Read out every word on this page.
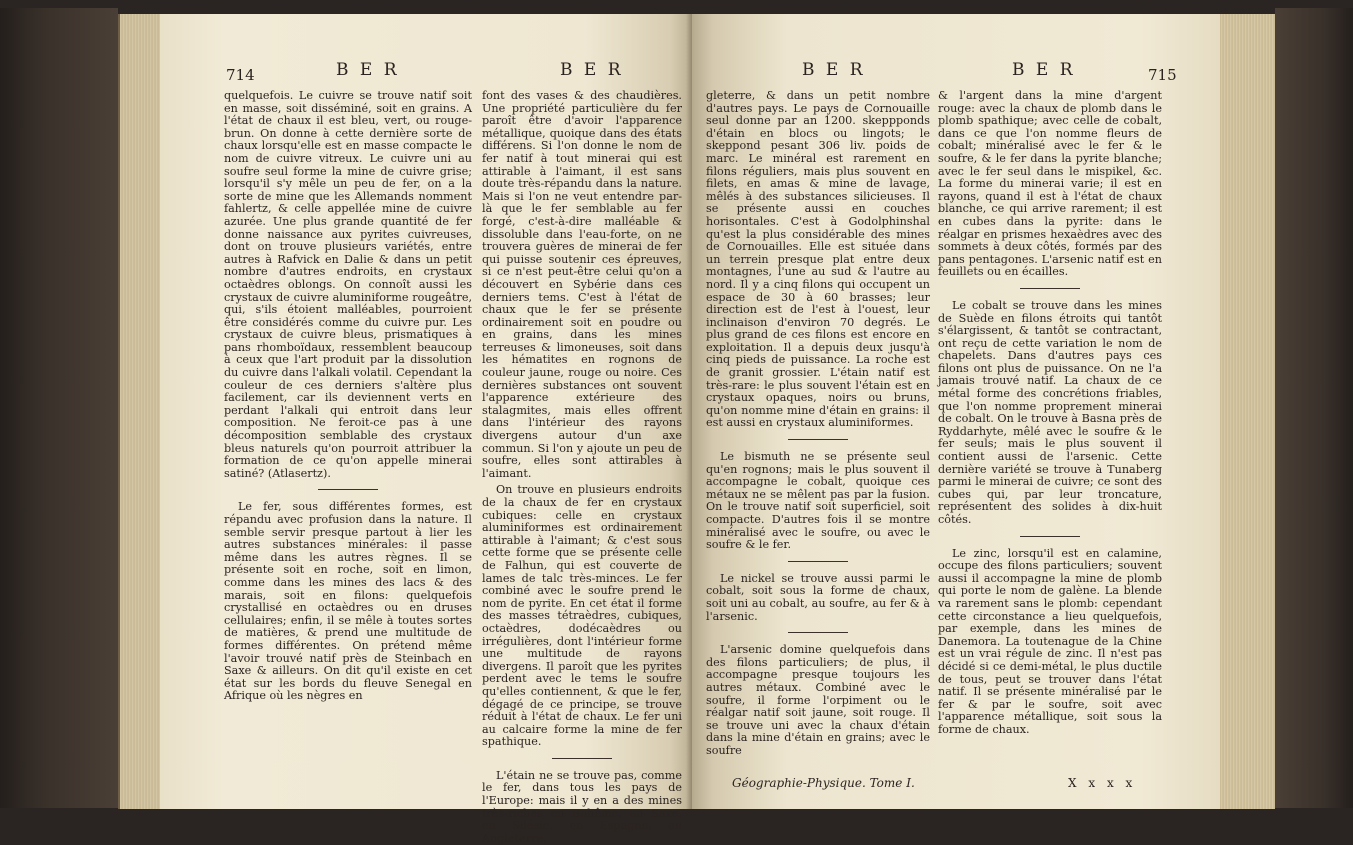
714	B E R	B E R

quelquefois. Le cuivre se trouve natif soit en masse, soit disséminé, soit en grains. A l'état de chaux il est bleu, vert, ou rouge-brun. On donne à cette dernière sorte de chaux lorsqu'elle est en masse compacte le nom de cuivre vitreux. Le cuivre uni au soufre seul forme la mine de cuivre grise; lorsqu'il s'y mêle un peu de fer, on a la sorte de mine que les Allemands nomment fahlertz, & celle appellée mine de cuivre azurée. Une plus grande quantité de fer donne naissance aux pyrites cuivreuses, dont on trouve plusieurs variétés, entre autres à Rafvick en Dalie & dans un petit nombre d'autres endroits, en crystaux octaèdres oblongs. On connoît aussi les crystaux de cuivre aluminiforme rougeâtre, qui, s'ils étoient malléables, pourroient être considérés comme du cuivre pur. Les crystaux de cuivre bleus, prismatiques à pans rhomboïdaux, ressemblent beaucoup à ceux que l'art produit par la dissolution du cuivre dans l'alkali volatil. Cependant la couleur de ces derniers s'altère plus facilement, car ils deviennent verts en perdant l'alkali qui entroit dans leur composition. Ne feroit-ce pas à une décomposition semblable des crystaux bleus naturels qu'on pourroit attribuer la formation de ce qu'on appelle minerai satiné? (Atlasertz).

Le fer, sous différentes formes, est répandu avec profusion dans la nature. Il semble servir presque partout à lier les autres substances minérales: il passe même dans les autres règnes. Il se présente soit en roche, soit en limon, comme dans les mines des lacs & des marais, soit en filons: quelquefois crystallisé en octaèdres ou en druses cellulaires; enfin, il se mêle à toutes sortes de matières, & prend une multitude de formes différentes. On prétend même l'avoir trouvé natif près de Steinbach en Saxe & ailleurs. On dit qu'il existe en cet état sur les bords du fleuve Senegal en Afrique où les nègres en

font des vases & des chaudières. Une propriété particulière du fer paroît être d'avoir l'apparence métallique, quoique dans des états différens. Si l'on donne le nom de fer natif à tout minerai qui est attirable à l'aimant, il est sans doute très-répandu dans la nature. Mais si l'on ne veut entendre par-là que le fer semblable au fer forgé, c'est-à-dire malléable & dissoluble dans l'eau-forte, on ne trouvera guères de minerai de fer qui puisse soutenir ces épreuves, si ce n'est peut-être celui qu'on a découvert en Sybérie dans ces derniers tems. C'est à l'état de chaux que le fer se présente ordinairement soit en poudre ou en grains, dans les mines terreuses & limoneuses, soit dans les hématites en rognons de couleur jaune, rouge ou noire. Ces dernières substances ont souvent l'apparence extérieure des stalagmites, mais elles offrent dans l'intérieur des rayons divergens autour d'un axe commun. Si l'on y ajoute un peu de soufre, elles sont attirables à l'aimant.

On trouve en plusieurs endroits de la chaux de fer en crystaux cubiques: celle en crystaux aluminiformes est ordinairement attirable à l'aimant; & c'est sous cette forme que se présente celle de Falhun, qui est couverte de lames de talc très-minces. Le fer combiné avec le soufre prend le nom de pyrite. En cet état il forme des masses tétraèdres, cubiques, octaèdres, dodécaèdres ou irrégulières, dont l'intérieur forme une multitude de rayons divergens. Il paroît que les pyrites perdent avec le tems le soufre qu'elles contiennent, & que le fer, dégagé de ce principe, se trouve réduit à l'état de chaux. Le fer uni au calcaire forme la mine de fer spathique.

L'étain ne se trouve pas, comme le fer, dans tous les pays de l'Europe: mais il y en a des mines très-riches en Bohême, en Saxe, en Silésie, en Espagne, en Angleterre,

B E R	B E R	715

gleterre, & dans un petit nombre d'autres pays. Le pays de Cornouaille seul donne par an 1200. skeppponds d'étain en blocs ou lingots; le skeppond pesant 306 liv. poids de marc. Le minéral est rarement en filons réguliers, mais plus souvent en filets, en amas & mine de lavage, mêlés à des substances silicieuses. Il se présente aussi en couches horisontales. C'est à Godolphinshal qu'est la plus considérable des mines de Cornouailles. Elle est située dans un terrein presque plat entre deux montagnes, l'une au sud & l'autre au nord. Il y a cinq filons qui occupent un espace de 30 à 60 brasses; leur direction est de l'est à l'ouest, leur inclinaison d'environ 70 degrés. Le plus grand de ces filons est encore en exploitation. Il a depuis deux jusqu'à cinq pieds de puissance. La roche est de granit grossier. L'étain natif est très-rare: le plus souvent l'étain est en crystaux opaques, noirs ou bruns, qu'on nomme mine d'étain en grains: il est aussi en crystaux aluminiformes.

Le bismuth ne se présente seul qu'en rognons; mais le plus souvent il accompagne le cobalt, quoique ces métaux ne se mêlent pas par la fusion. On le trouve natif soit superficiel, soit compacte. D'autres fois il se montre minéralisé avec le soufre, ou avec le soufre & le fer.

Le nickel se trouve aussi parmi le cobalt, soit sous la forme de chaux, soit uni au cobalt, au soufre, au fer & à l'arsenic.

L'arsenic domine quelquefois dans des filons particuliers; de plus, il accompagne presque toujours les autres métaux. Combiné avec le soufre, il forme l'orpiment ou le réalgar natif soit jaune, soit rouge. Il se trouve uni avec la chaux d'étain dans la mine d'étain en grains; avec le soufre

Géographie-Physique. Tome I.

& l'argent dans la mine d'argent rouge: avec la chaux de plomb dans le plomb spathique; avec celle de cobalt, dans ce que l'on nomme fleurs de cobalt; minéralisé avec le fer & le soufre, & le fer dans la pyrite blanche; avec le fer seul dans le mispikel, &c. La forme du minerai varie; il est en rayons, quand il est à l'état de chaux blanche, ce qui arrive rarement; il est en cubes dans la pyrite: dans le réalgar en prismes hexaèdres avec des sommets à deux côtés, formés par des pans pentagones. L'arsenic natif est en feuillets ou en écailles.

Le cobalt se trouve dans les mines de Suède en filons étroits qui tantôt s'élargissent, & tantôt se contractant, ont reçu de cette variation le nom de chapelets. Dans d'autres pays ces filons ont plus de puissance. On ne l'a jamais trouvé natif. La chaux de ce métal forme des concrétions friables, que l'on nomme proprement minerai de cobalt. On le trouve à Basna près de Ryddarhyte, mêlé avec le soufre & le fer seuls; mais le plus souvent il contient aussi de l'arsenic. Cette dernière variété se trouve à Tunaberg parmi le minerai de cuivre; ce sont des cubes qui, par leur troncature, représentent des solides à dix-huit côtés.

Le zinc, lorsqu'il est en calamine, occupe des filons particuliers; souvent aussi il accompagne la mine de plomb qui porte le nom de galène. La blende va rarement sans le plomb: cependant cette circonstance a lieu quelquefois, par exemple, dans les mines de Danemora. La toutenague de la Chine est un vrai régule de zinc. Il n'est pas décidé si ce demi-métal, le plus ductile de tous, peut se trouver dans l'état natif. Il se présente minéralisé par le fer & par le soufre, soit avec l'apparence métallique, soit sous la forme de chaux.

X x x x
